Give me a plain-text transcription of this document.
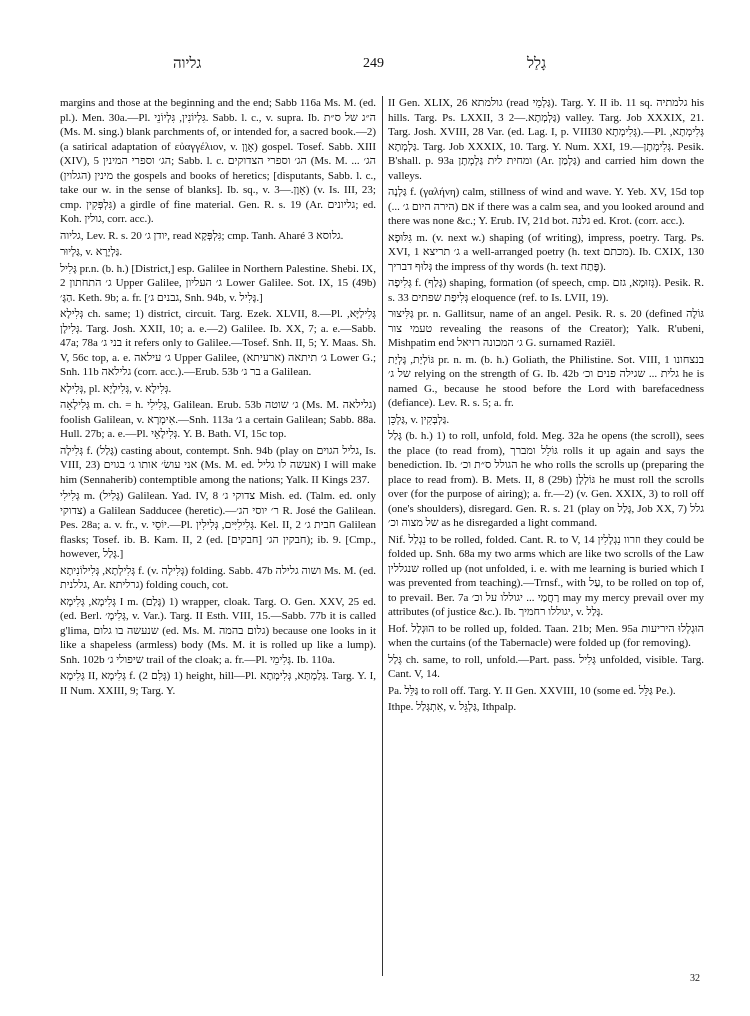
גליוה	249	גָלַל

margins and those at the beginning and the end; Sabb 116a Ms. M. (ed. pl.). Men. 30a.—Pl. גִּלְיוֹנִין, גִּלְיוֹנֵי. Sabb. l. c., v. supra. Ib. ה״ג של ס״ת (Ms. M. sing.) blank parchments of, or intended for, a sacred book.—2) (a satirical adaptation of εὐαγγέλιον, v. אָוֶן) gospel. Tosef. Sabb. XIII (XIV), 5 הג׳ וספרי המינין; Sabb. l. c. הג׳ וספרי הצדוקים (Ms. M. הג׳ ... מינין (הגלוין) the gospels and books of heretics; [disputants, Sabb. l. c., take our w. in the sense of blanks]. Ib. sq., v. אָוֶן.—3) (v. Is. III, 23; cmp. גִּלְפְּקִין) a girdle of fine material. Gen. R. s. 19 (Ar. גליונים; ed. Koh. גולין, corr. acc.).

גליוה, Lev. R. s. 20 יודן ג׳, read גִּלְפְּקָא; cmp. Tanh. Aharé 3 גלוסא.

גַּלְיוּר, v. גַּלְיָרָא.

גָּלִיל pr.n. (b. h.) [District,] esp. Galilee in Northern Palestine. Shebi. IX, 2 ג׳ התחתון Upper Galilee, ג׳ העליון Lower Galilee. Sot. IX, 15 (49b) הַגָּ׳. Keth. 9b; a. fr. [גבנים ג׳, Snh. 94b, v. גָּלִיל.]

גְּלִילָא ch. same; 1) district, circuit. Targ. Ezek. XLVII, 8.—Pl. גְּלִילַיָּא, גְּלִילָן. Targ. Josh. XXII, 10; a. e.—2) Galilee. Ib. XX, 7; a. e.—Sabb. 47a; 78a בני ג׳ it refers only to Galilee.—Tosef. Snh. II, 5; Y. Maas. Sh. V, 56c top, a. e. ג׳ עילאה Upper Galilee, ג׳ תיתאה (ארעיתא) Lower G.; Snh. 11b גלילאה (corr. acc.).—Erub. 53b בר ג׳ a Galilean.

גְּלִילָא, pl. גְּלִילָיָא, v. גְּלִילָא.

גְּלִילָאָה m. ch. = h. גְּלִילִי, Galilean. Erub. 53b ג׳ שוטה (Ms. M. גלילאה) foolish Galilean, v. אִימְרָא.—Snh. 113a ג׳ a certain Galilean; Sabb. 88a. Hull. 27b; a. e.—Pl. גְּלִילָאֵי. Y. B. Bath. VI, 15c top.

גְּלִילָה f. (גָּלַל) casting about, contempt. Snh. 94b (play on גליל הגוים, Is. VIII, 23) אני עושׂ׳ אותו ג׳ בגוים (Ms. M. ed. אעשה לו גליל) I will make him (Sennaherib) contemptible among the nations; Yalk. II Kings 237.

גְּלִילִי m. (גָּלִיל) Galilean. Yad. IV, 8 צדוקי ג׳ Mish. ed. (Talm. ed. only צדוקי) a Galilean Sadducee (heretic).—ר׳ יוסי הג׳ R. José the Galilean. Pes. 28a; a. v. fr., v. יוֹסֵי.—Pl. גְּלִילִיִּים, גְּלִילִין. Kel. II, 2 חבית ג׳ Galilean flasks; Tosef. ib. B. Kam. II, 2 (ed. חבקין הג׳ [חבקים]); ib. 9. [Cmp., however, גָּלַל.]

גְּלִילְתָא, גְּלִילוֹנִיתָא f. (v. גְּלִילָה) folding. Sabb. 47b ושוה גלילה Ms. M. (ed. גללנית, Ar. גרליתא) folding couch, cot.

גְּלִימָא, גְּלִימָא I m. (גָּלַם) 1) wrapper, cloak. Targ. O. Gen. XXV, 25 ed. (ed. Berl. גְּלִימָ׳, v. Var.). Targ. II Esth. VIII, 15.—Sabb. 77b it is called g'lima, שנעשה בו גלום (ed. Ms. M. גלום בהמה) because one looks in it like a shapeless (armless) body (Ms. M. it is rolled up like a lump). Snh. 102b שיפולי ג׳ trail of the cloak; a. fr.—Pl. גְּלִימֵי. Ib. 110a.

גְּלִימָא II, גְּלִימָא f. (גְּלִם 2) 1) height, hill—Pl. גְּלַמְתָּא, גְּלִימְתָא. Targ. Y. I, II Num. XXIII, 9; Targ. Y.

II Gen. XLIX, 26 גולמתא (read גַּלְמֵי). Targ. Y. II ib. 11 sq. גלמתיה his hills. Targ. Ps. LXXII, 3 גַּלְמְתָא.—2) valley. Targ. Job XXXIX, 21. Targ. Josh. XVIII, 28 Var. (ed. Lag. I, p. VIII30 גְּלִימְתָא).—Pl. גְּלִימְתָא, גַּלְמְתָא. Targ. Job XXXIX, 10. Targ. Y. Num. XXI, 19.—גְּלִימְתָן. Pesik. B'shall. p. 93a ומחית לית גַּלְמְתָן (Ar. גַּלְמַן) and carried him down the valleys.

גַּלְנָה f. (γαλήνη) calm, stillness of wind and wave. Y. Yeb. XV, 15d top אם (הירה היום ג׳ ...) if there was a calm sea, and you looked around and there was none &c.; Y. Erub. IV, 21d bot. גלנה ed. Krot. (corr. acc.).

גִּלּוּפָא m. (v. next w.) shaping (of writing), impress, poetry. Targ. Ps. XVI, 1 ג׳ תריצא a well-arranged poetry (h. text מכתם). Ib. CXIX, 130 גְּלוּף דבריך the impress of thy words (h. text פֶּתַח).

גְּלִיפָה f. (גָּלַף) shaping, formation (of speech, cmp. גְּזוּמָא, גזם). Pesik. R. s. 33 גְּלִיפַת שפתים eloquence (ref. to Is. LVII, 19).

גַּלִּיצוּר pr. n. Gallitsur, name of an angel. Pesik. R. s. 20 (defined גּוֹלֶה טעמי צור revealing the reasons of the Creator); Yalk. R'ubeni, Mishpatim end ג׳ המכונה רזיאל G. surnamed Raziël.

גּוֹלְיַת, גָּלְיַת pr. n. m. (b. h.) Goliath, the Philistine. Sot. VIII, 1 בנצחונו של ג׳ relying on the strength of G. Ib. 42b גלית ... שגילה פנים וכ׳ he is named G., because he stood before the Lord with barefacedness (defiance). Lev. R. s. 5; a. fr.

גַּלְכֵּן, v. גַּלְבְּקִין.

גָּלַל (b. h.) 1) to roll, unfold, fold. Meg. 32a he opens (the scroll), sees the place (to read from), גּוֹלֵל ומברך rolls it up again and says the benediction. Ib. הגולל ס״ת וכ׳ he who rolls the scrolls up (preparing the place to read from). B. Mets. II, 8 (29b) גּוֹלְלָן he must roll the scrolls over (for the purpose of airing); a. fr.—2) (v. Gen. XXIX, 3) to roll off (one's shoulders), disregard. Gen. R. s. 21 (play on גָּלַל, Job XX, 7) גלל של מצוה וכ׳ as he disregarded a light command.

Nif. נִגְלַל to be rolled, folded. Cant. R. to V, 14 וזרוו נִגְלָלִין they could be folded up. Snh. 68a my two arms which are like two scrolls of the Law שנגללין rolled up (not unfolded, i. e. with me learning is buried which I was prevented from teaching).—Trnsf., with עַל, to be rolled on top of, to prevail. Ber. 7a רַחֲמַי ... יגוללו על וכ׳ may my mercy prevail over my attributes (of justice &c.). Ib. יגוללו רחמיך, v. גָּלַל.

Hof. הוּגְלַל to be rolled up, folded. Taan. 21b; Men. 95a הוּגְלְלוּ היריעות when the curtains (of the Tabernacle) were folded up (for removing).

גְּלַל ch. same, to roll, unfold.—Part. pass. גְּלִיל unfolded, visible. Targ. Cant. V, 14.

Pa. גַּלֵּל to roll off. Targ. Y. II Gen. XXVIII, 10 (some ed. גַּלֵּל Pe.).

Ithpe. אִתְגְּלַל, v. גַּלְגֵּל, Ithpalp.

32
